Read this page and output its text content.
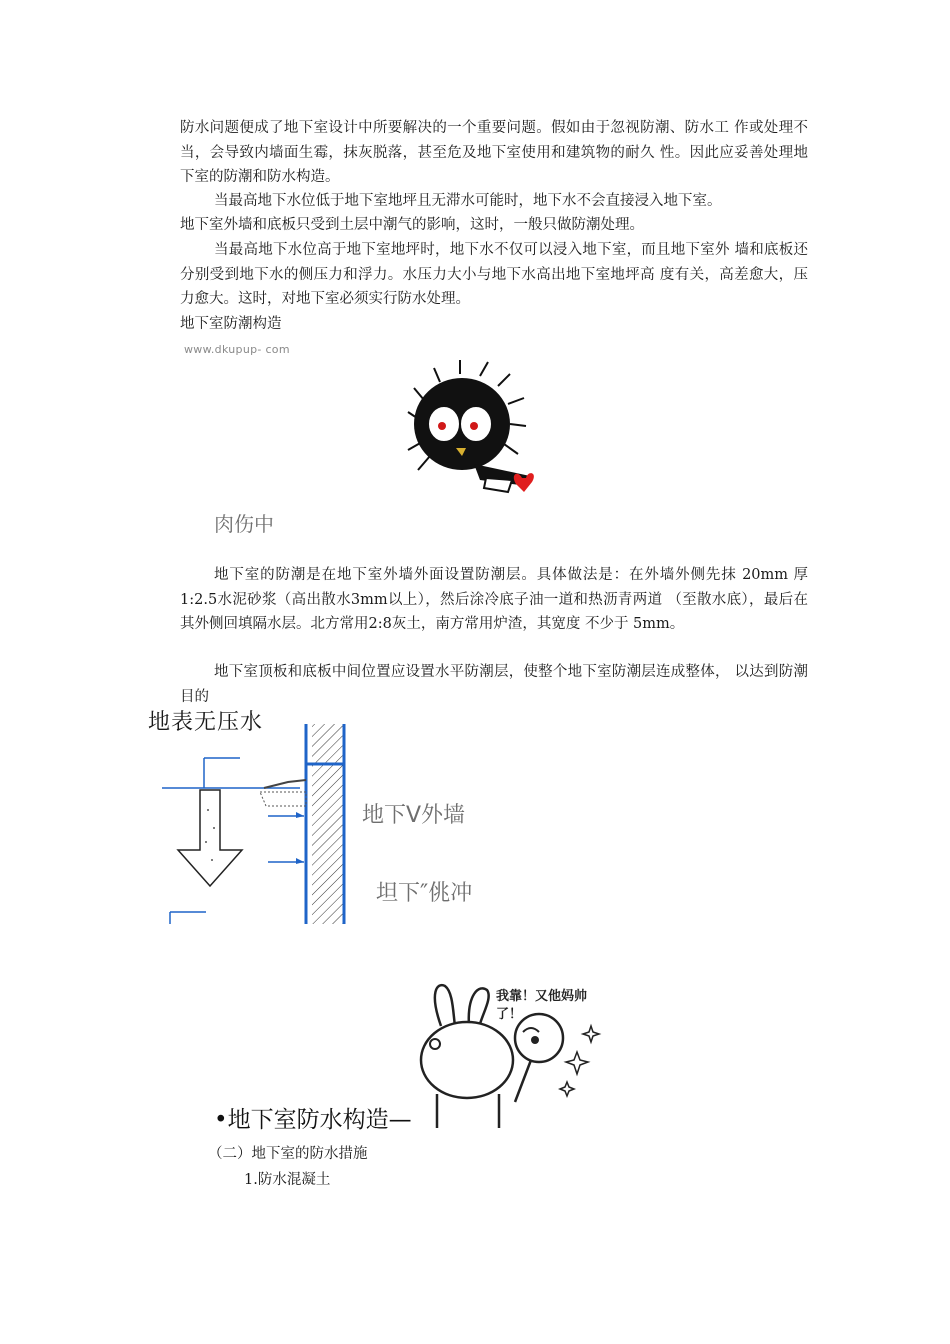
防水问题便成了地下室设计中所要解决的一个重要问题。假如由于忽视防潮、防水工 作或处理不当，会导致内墙面生霉，抹灰脱落，甚至危及地下室使用和建筑物的耐久 性。因此应妥善处理地下室的防潮和防水构造。

当最高地下水位低于地下室地坪且无滞水可能时，地下水不会直接浸入地下室。

地下室外墙和底板只受到土层中潮气的影响，这时，一般只做防潮处理。

当最高地下水位高于地下室地坪时，地下水不仅可以浸入地下室，而且地下室外 墙和底板还分别受到地下水的侧压力和浮力。水压力大小与地下水高出地下室地坪高 度有关，高差愈大，压力愈大。这时，对地下室必须实行防水处理。

地下室防潮构造

www.dkupup- com
肉伤中

地下室的防潮是在地下室外墙外面设置防潮层。具体做法是：在外墙外侧先抹 20mm 厚1:2.5水泥砂浆（高出散水3mm以上），然后涂冷底子油一道和热沥青两道 （至散水底），最后在其外侧回填隔水层。北方常用2:8灰土，南方常用炉渣，其宽度 不少于 5mm。

地下室顶板和底板中间位置应设置水平防潮层，使整个地下室防潮层连成整体， 以达到防潮目的

地表无压水
地下V外墙
坦下″佻冲
我靠！又他妈帅了！
•地下室防水构造—
（二）地下室的防水措施
1.防水混凝土
